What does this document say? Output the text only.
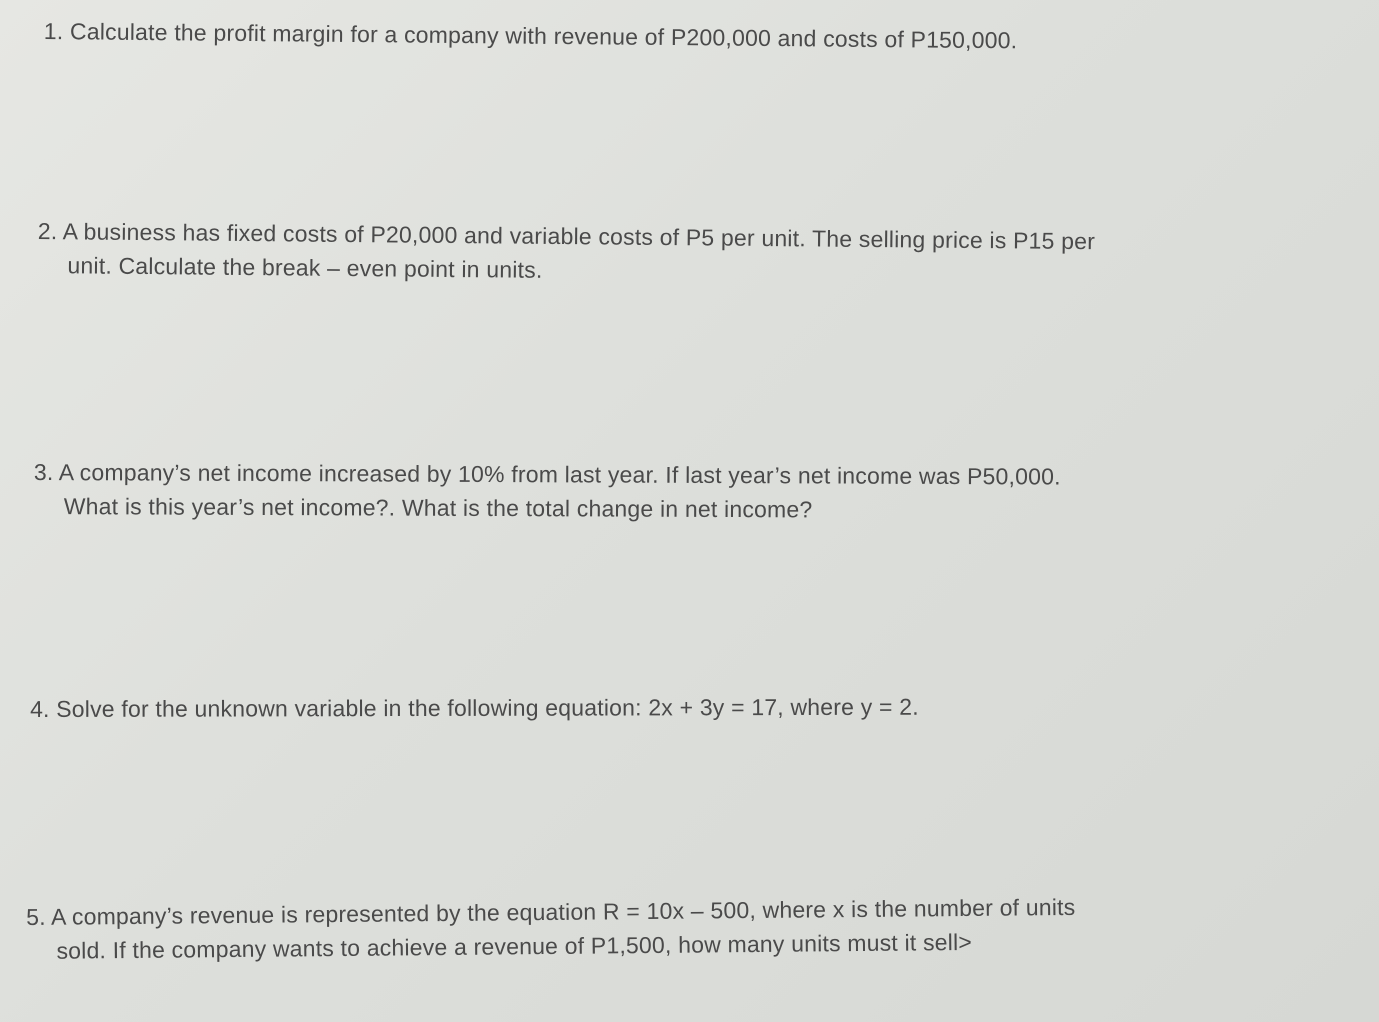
1. Calculate the profit margin for a company with revenue of P200,000 and costs of P150,000.
2. A business has fixed costs of P20,000 and variable costs of P5 per unit. The selling price is P15 per
unit. Calculate the break – even point in units.
3. A company’s net income increased by 10% from last year. If last year’s net income was P50,000.
What is this year’s net income?. What is the total change in net income?
4. Solve for the unknown variable in the following equation: 2x + 3y = 17, where y = 2.
5. A company’s revenue is represented by the equation R = 10x – 500, where x is the number of units
sold. If the company wants to achieve a revenue of P1,500, how many units must it sell>
